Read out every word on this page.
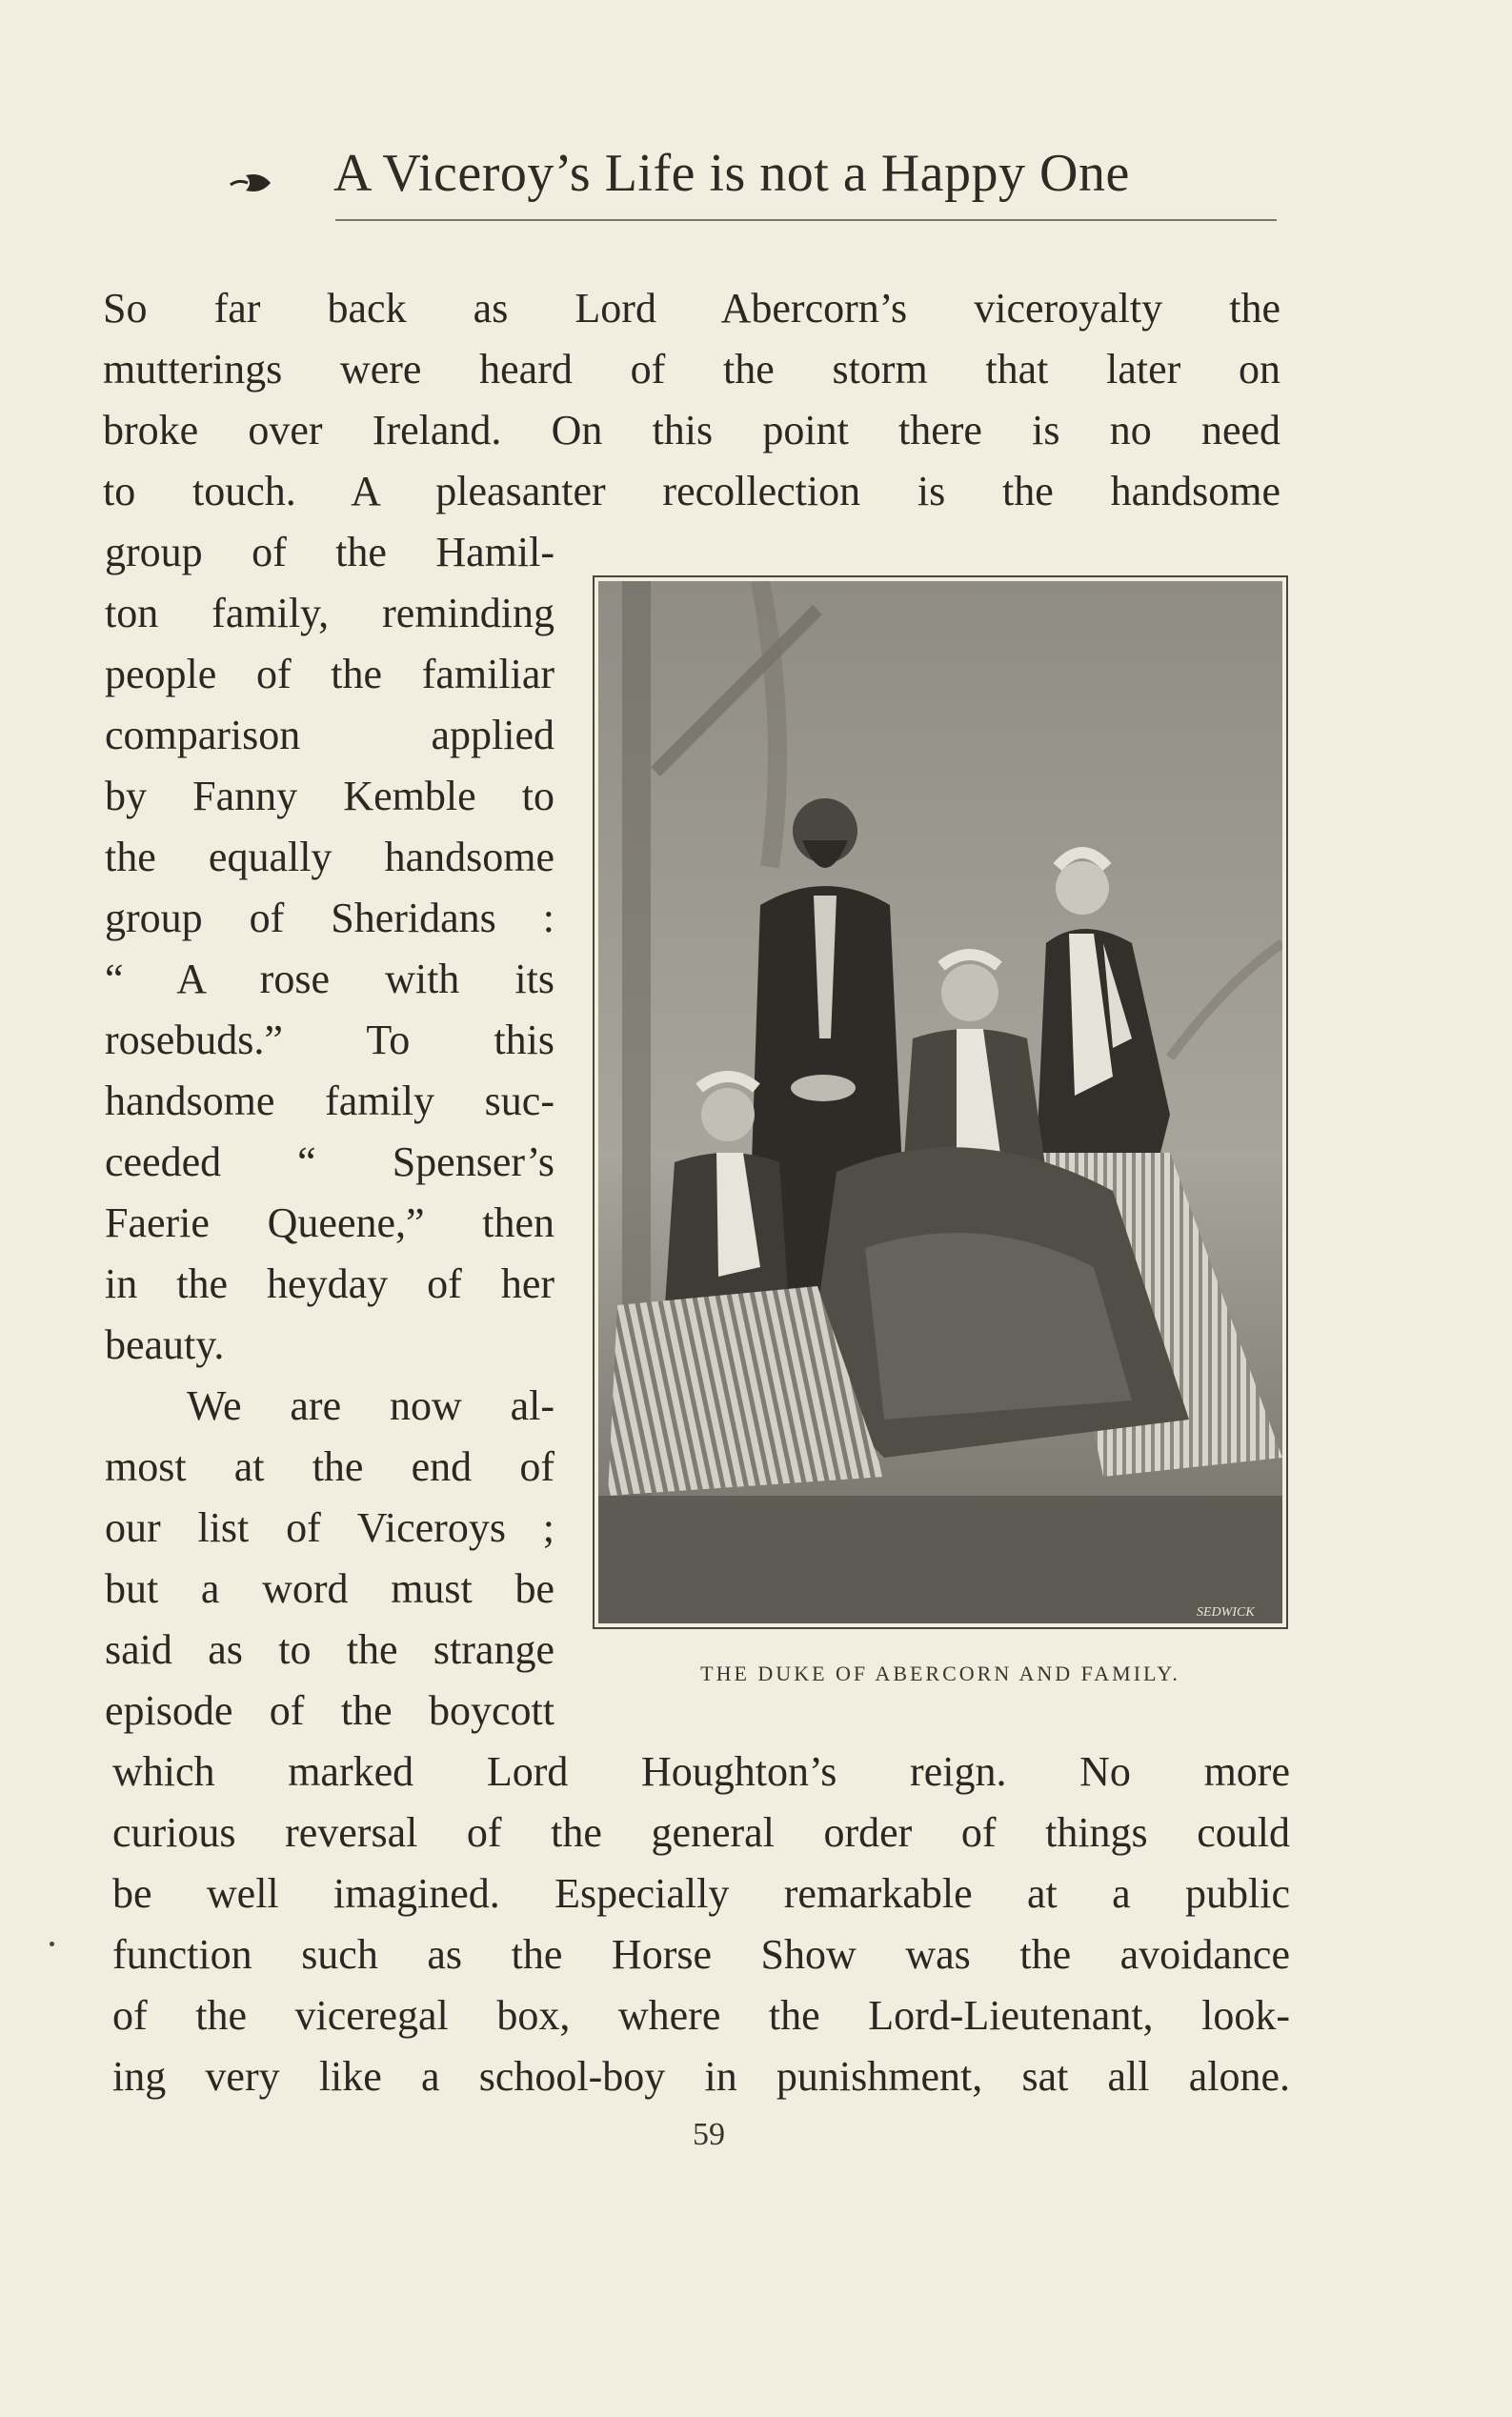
A Viceroy’s Life is not a Happy One
So far back as Lord Abercorn’s viceroyalty the
mutterings were heard of the storm that later on
broke over Ireland. On this point there is no need
to touch. A pleasanter recollection is the handsome
group of the Hamil-
ton family, reminding
people of the familiar
comparison applied
by Fanny Kemble to
the equally handsome
group of Sheridans :
“ A rose with its
rosebuds.” To this
handsome family suc-
ceeded “ Spenser’s
Faerie Queene,” then
in the heyday of her
beauty.
We are now al-
most at the end of
our list of Viceroys ;
but a word must be
said as to the strange
episode of the boycott
which marked Lord Houghton’s reign. No more
curious reversal of the general order of things could
be well imagined. Especially remarkable at a public
function such as the Horse Show was the avoidance
of the viceregal box, where the Lord-Lieutenant, look-
ing very like a school-boy in punishment, sat all alone.
SEDWICK
THE DUKE OF ABERCORN AND FAMILY.
59
